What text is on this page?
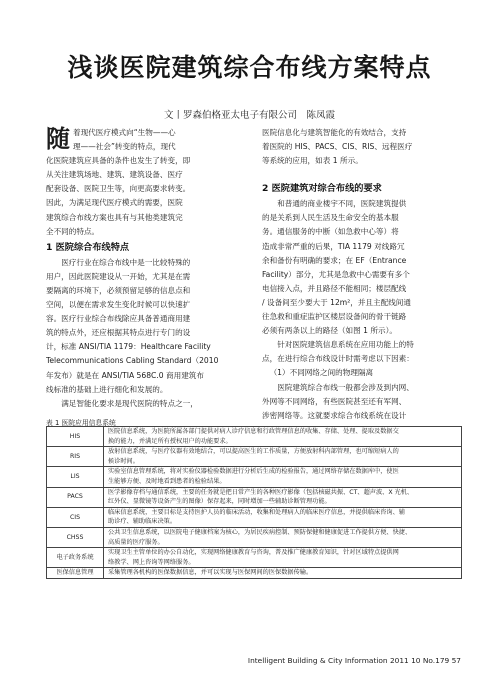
浅谈医院建筑综合布线方案特点
文丨罗森伯格亚太电子有限公司　陈凤霞
随 着现代医疗模式向“生物——心

理——社会”转变的特点，现代

化医院建筑应具备的条件也发生了转变，即

从关注建筑场地、建筑、建筑设备、医疗

配套设备、医院卫生等，向更高要求转变。

因此，为满足现代医疗模式的需要，医院

建筑综合布线方案也具有与其他类建筑完

全不同的特点。

1 医院综合布线特点

医疗行业在综合布线中是一比较特殊的

用户，因此医院建设从一开始，尤其是在需

要隔离的环境下，必须预留足够的信息点和

空间，以便在需求发生变化时候可以快速扩

容。医疗行业综合布线除应具备普通商用建

筑的特点外，还应根据其特点进行专门的设

计，标准 ANSI/TIA 1179：Healthcare Facility

Telecommunications Cabling Standard（2010

年发布）就是在 ANSI/TIA 568C.0 商用建筑布

线标准的基础上进行细化和发展的。

满足智能化要求是现代医院的特点之一，

医院信息化与建筑智能化的有效结合，支持

着医院的 HIS、PACS、CIS、RIS、远程医疗

等系统的应用，如表 1 所示。

2 医院建筑对综合布线的要求

和普通的商业楼宇不同，医院建筑提供

的是关系到人民生活及生命安全的基本服

务。通信服务的中断（如急救中心等）将

造成非常严重的后果，TIA 1179 对线路冗

余和备份有明确的要求；在 EF（Entrance

Facility）部分，尤其是急救中心需要有多个

电信接入点，并且路径不能相同；楼层配线

/ 设备间至少要大于 12m²，并且主配线间通

往急救和重症监护区楼层设备间的骨干链路

必须有两条以上的路径（如图 1 所示）。

针对医院建筑信息系统在应用功能上的特

点，在进行综合布线设计时需考虑以下因素：

（1）不同网络之间的物理隔离

医院建筑综合布线一般都会涉及到内网、

外网等不同网络，有些医院甚至还有军网、

涉密网络等。这就要求综合布线系统在设计

表 1 医院应用信息系统
HIS	医院信息系统，为医院所属各部门提供对病人诊疗信息和行政管理信息的收集、存储、处理、提取及数据交
换的能力，并满足所有授权用户的功能要求。

RIS	放射信息系统，与医疗仪器有效地结合，可以提高医生的工作质量，方便放射科内部管理，也可缩短病人的
候诊时间。

LIS	实验室信息管理系统，将对实验仪器检验数据进行分析后生成的检验报告，通过网络存储在数据库中，使医
生能够方便、及时地看到患者的检验结果。

PACS	医学影像存档与通信系统，主要的任务就是把日常产生的各种医疗影像（包括核磁共振、CT、超声波、X 光机、
红外仪、显微镜等设备产生的图像）保存起来，同时增加一些辅助诊断管理功能。

CIS	临床信息系统，主要目标是支持医护人员的临床活动，收集和处理病人的临床医疗信息，并提供临床咨询、辅
助诊疗、辅助临床决策。

CHSS	公共卫生信息系统，以医院电子健康档案为核心，为居民疾病控制、预防保健和健康促进工作提供方便、快捷、
高质量的医疗服务。

电子政务系统	实现卫生主管单位的办公自动化，实现网络健康教育与咨询，普及推广健康教育知识，针对区域特点提供网
络教学、网上咨询等网络服务。

医保信息管理	采集管理各机构的医保数据信息，并可以实现与医保网间的医保数据传输。
Intelligent Building & City Information 2011 10 No.179 57
